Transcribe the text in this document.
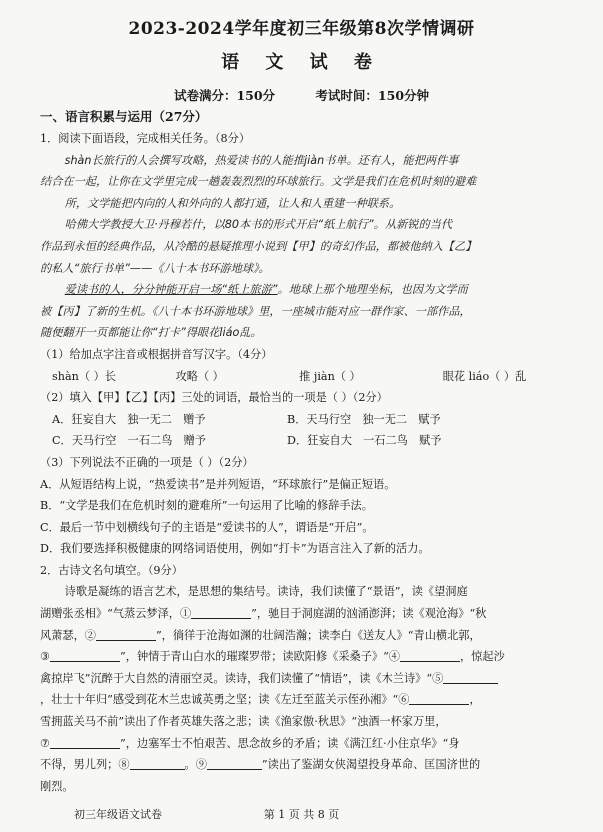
2023-2024学年度初三年级第8次学情调研
语 文 试 卷
试卷满分：150分	考试时间：150分钟
一、语言积累与运用（27分）

1．阅读下面语段，完成相关任务。（8分）

shàn长旅行的人会撰写攻略，热爱读书的人能推jiàn书单。还有人，能把两件事

结合在一起，让你在文学里完成一趟轰轰烈烈的环球旅行。文学是我们在危机时刻的避难

所，文学能把内向的人和外向的人都打通，让人和人重建一种联系。

哈佛大学教授大卫·丹穆若什，以80本书的形式开启“纸上航行”。从新锐的当代

作品到永恒的经典作品，从冷酷的悬疑推理小说到【甲】的奇幻作品，都被他纳入【乙】

的私人“旅行书单”——《八十本书环游地球》。

爱读书的人，分分钟能开启一场“纸上旅游”。地球上那个地理坐标，也因为文学而

被【丙】了新的生机。《八十本书环游地球》里，一座城市能对应一群作家、一部作品，

随便翻开一页都能让你“打卡”得眼花liáo乱。

（1）给加点字注音或根据拼音写汉字。（4分）

shàn（ ）长	攻略（ ）	推 jiàn（ ）	眼花 liáo（ ）乱

（2）填入【甲】【乙】【丙】三处的词语，最恰当的一项是（ ）（2分）

A．狂妄自大　独一无二　赠予	B．天马行空　独一无二　赋予

C．天马行空　一石二鸟　赠予	D．狂妄自大　一石二鸟　赋予

（3）下列说法不正确的一项是（ ）（2分）

A．从短语结构上说，“热爱读书”是并列短语，“环球旅行”是偏正短语。

B．“文学是我们在危机时刻的避难所”一句运用了比喻的修辞手法。

C．最后一节中划横线句子的主语是“爱读书的人”，谓语是“开启”。

D．我们要选择积极健康的网络词语使用，例如“打卡”为语言注入了新的活力。

2．古诗文名句填空。（9分）

诗歌是凝练的语言艺术，是思想的集结号。读诗，我们读懂了“景语”，读《望洞庭

湖赠张丞相》“气蒸云梦泽，①	”，驰目于洞庭湖的汹涌澎湃；读《观沧海》“秋

风萧瑟，②	”，徜徉于沧海如渊的壮阔浩瀚；读李白《送友人》“青山横北郭，

③	”，钟情于青山白水的璀璨罗带；读欧阳修《采桑子》“④	，惊起沙

禽掠岸飞”沉醉于大自然的清丽空灵。读诗，我们读懂了“情语”，读《木兰诗》“⑤

，壮士十年归”感受到花木兰忠诚英勇之坚；读《左迁至蓝关示侄孙湘》“⑥	，

雪拥蓝关马不前”读出了作者英雄失落之悲；读《渔家傲·秋思》“浊酒一杯家万里，

⑦	”，边塞军士不怕艰苦、思念故乡的矛盾；读《满江红·小住京华》“身

不得，男儿列；⑧	。⑨	”读出了鉴湖女侠渴望投身革命、匡国济世的

刚烈。

第 1 页 共 8 页
初三年级语文试卷
